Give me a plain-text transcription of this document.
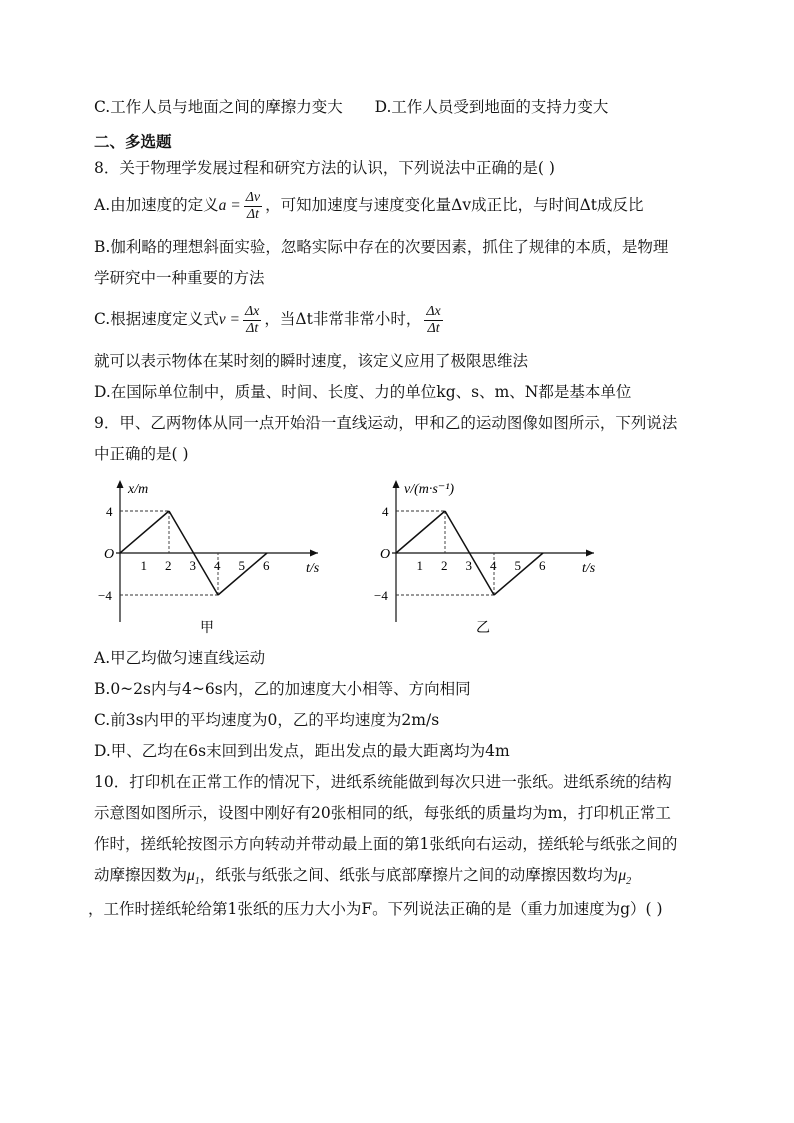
C.工作人员与地面之间的摩擦力变大 D.工作人员受到地面的支持力变大
二、多选题
8．关于物理学发展过程和研究方法的认识，下列说法中正确的是( )
A.由加速度的定义$a = \frac{\Delta v}{\Delta t}$ ，可知加速度与速度变化量Δv成正比，与时间Δt成反比
B.伽利略的理想斜面实验，忽略实际中存在的次要因素，抓住了规律的本质，是物理
学研究中一种重要的方法
C.根据速度定义式$v = \frac{\Delta x}{\Delta t}$ ，当Δt非常非常小时， $\frac{\Delta x}{\Delta t}$
就可以表示物体在某时刻的瞬时速度，该定义应用了极限思维法
D.在国际单位制中，质量、时间、长度、力的单位kg、s、m、N都是基本单位
9．甲、乙两物体从同一点开始沿一直线运动，甲和乙的运动图像如图所示，下列说法
中正确的是( )
x/m
t/s
O
1 2 3 4 5 6
4
−4
甲
v/(m·s⁻¹)
t/s
O
1 2 3 4 5 6
4
−4
乙
A.甲乙均做匀速直线运动
B.0~2s内与4~6s内，乙的加速度大小相等、方向相同
C.前3s内甲的平均速度为0，乙的平均速度为2m/s
D.甲、乙均在6s末回到出发点，距出发点的最大距离均为4m
10．打印机在正常工作的情况下，进纸系统能做到每次只进一张纸。进纸系统的结构
示意图如图所示，设图中刚好有20张相同的纸，每张纸的质量均为m，打印机正常工
作时，搓纸轮按图示方向转动并带动最上面的第1张纸向右运动，搓纸轮与纸张之间的
动摩擦因数为$\mu_1$，纸张与纸张之间、纸张与底部摩擦片之间的动摩擦因数均为$\mu_2$
，工作时搓纸轮给第1张纸的压力大小为F。下列说法正确的是（重力加速度为g）( )
